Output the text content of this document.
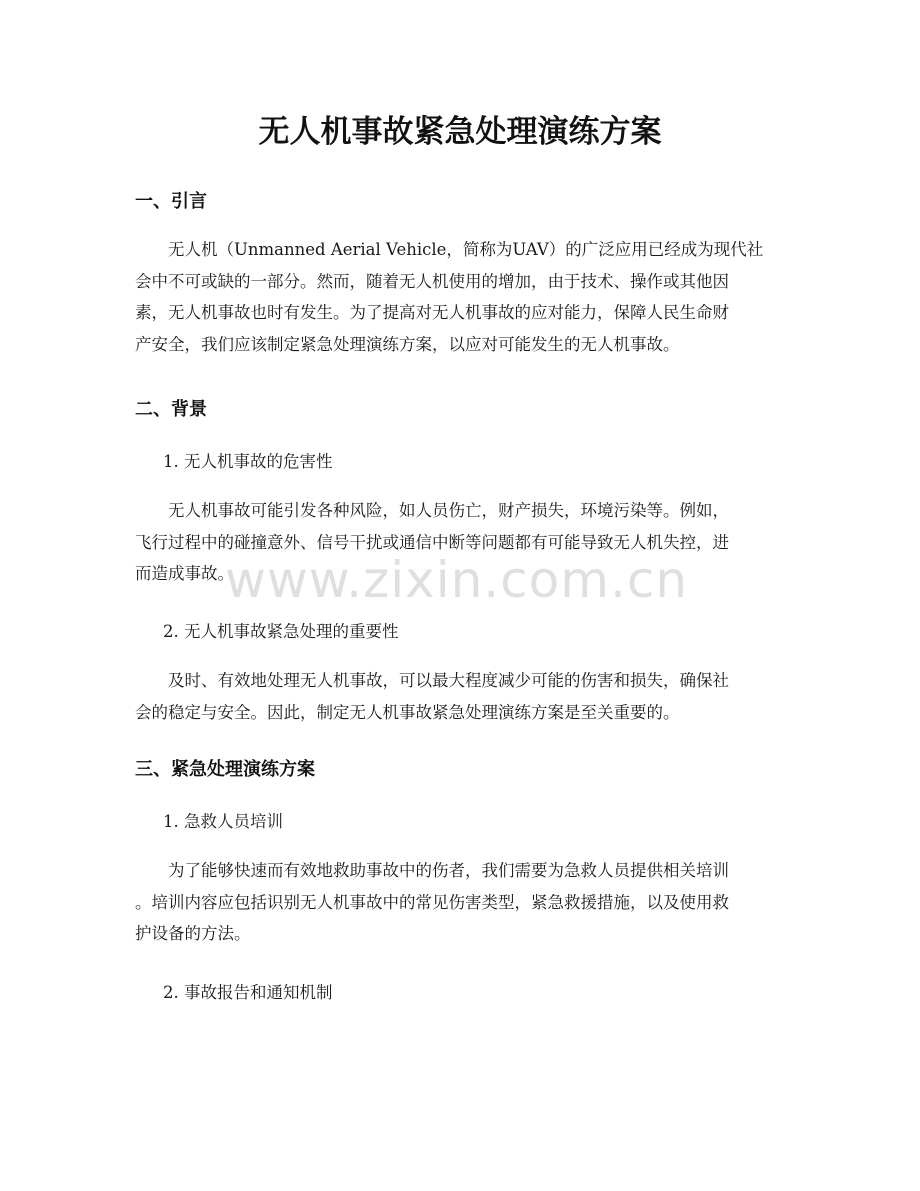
无人机事故紧急处理演练方案
一、引言

无人机（Unmanned Aerial Vehicle，简称为UAV）的广泛应用已经成为现代社
会中不可或缺的一部分。然而，随着无人机使用的增加，由于技术、操作或其他因
素，无人机事故也时有发生。为了提高对无人机事故的应对能力，保障人民生命财
产安全，我们应该制定紧急处理演练方案，以应对可能发生的无人机事故。

二、背景

1. 无人机事故的危害性

无人机事故可能引发各种风险，如人员伤亡，财产损失，环境污染等。例如，
飞行过程中的碰撞意外、信号干扰或通信中断等问题都有可能导致无人机失控，进
而造成事故。

2. 无人机事故紧急处理的重要性

及时、有效地处理无人机事故，可以最大程度减少可能的伤害和损失，确保社
会的稳定与安全。因此，制定无人机事故紧急处理演练方案是至关重要的。

三、紧急处理演练方案

1. 急救人员培训

为了能够快速而有效地救助事故中的伤者，我们需要为急救人员提供相关培训
。培训内容应包括识别无人机事故中的常见伤害类型，紧急救援措施，以及使用救
护设备的方法。

2. 事故报告和通知机制

www.zixin.com.cn
